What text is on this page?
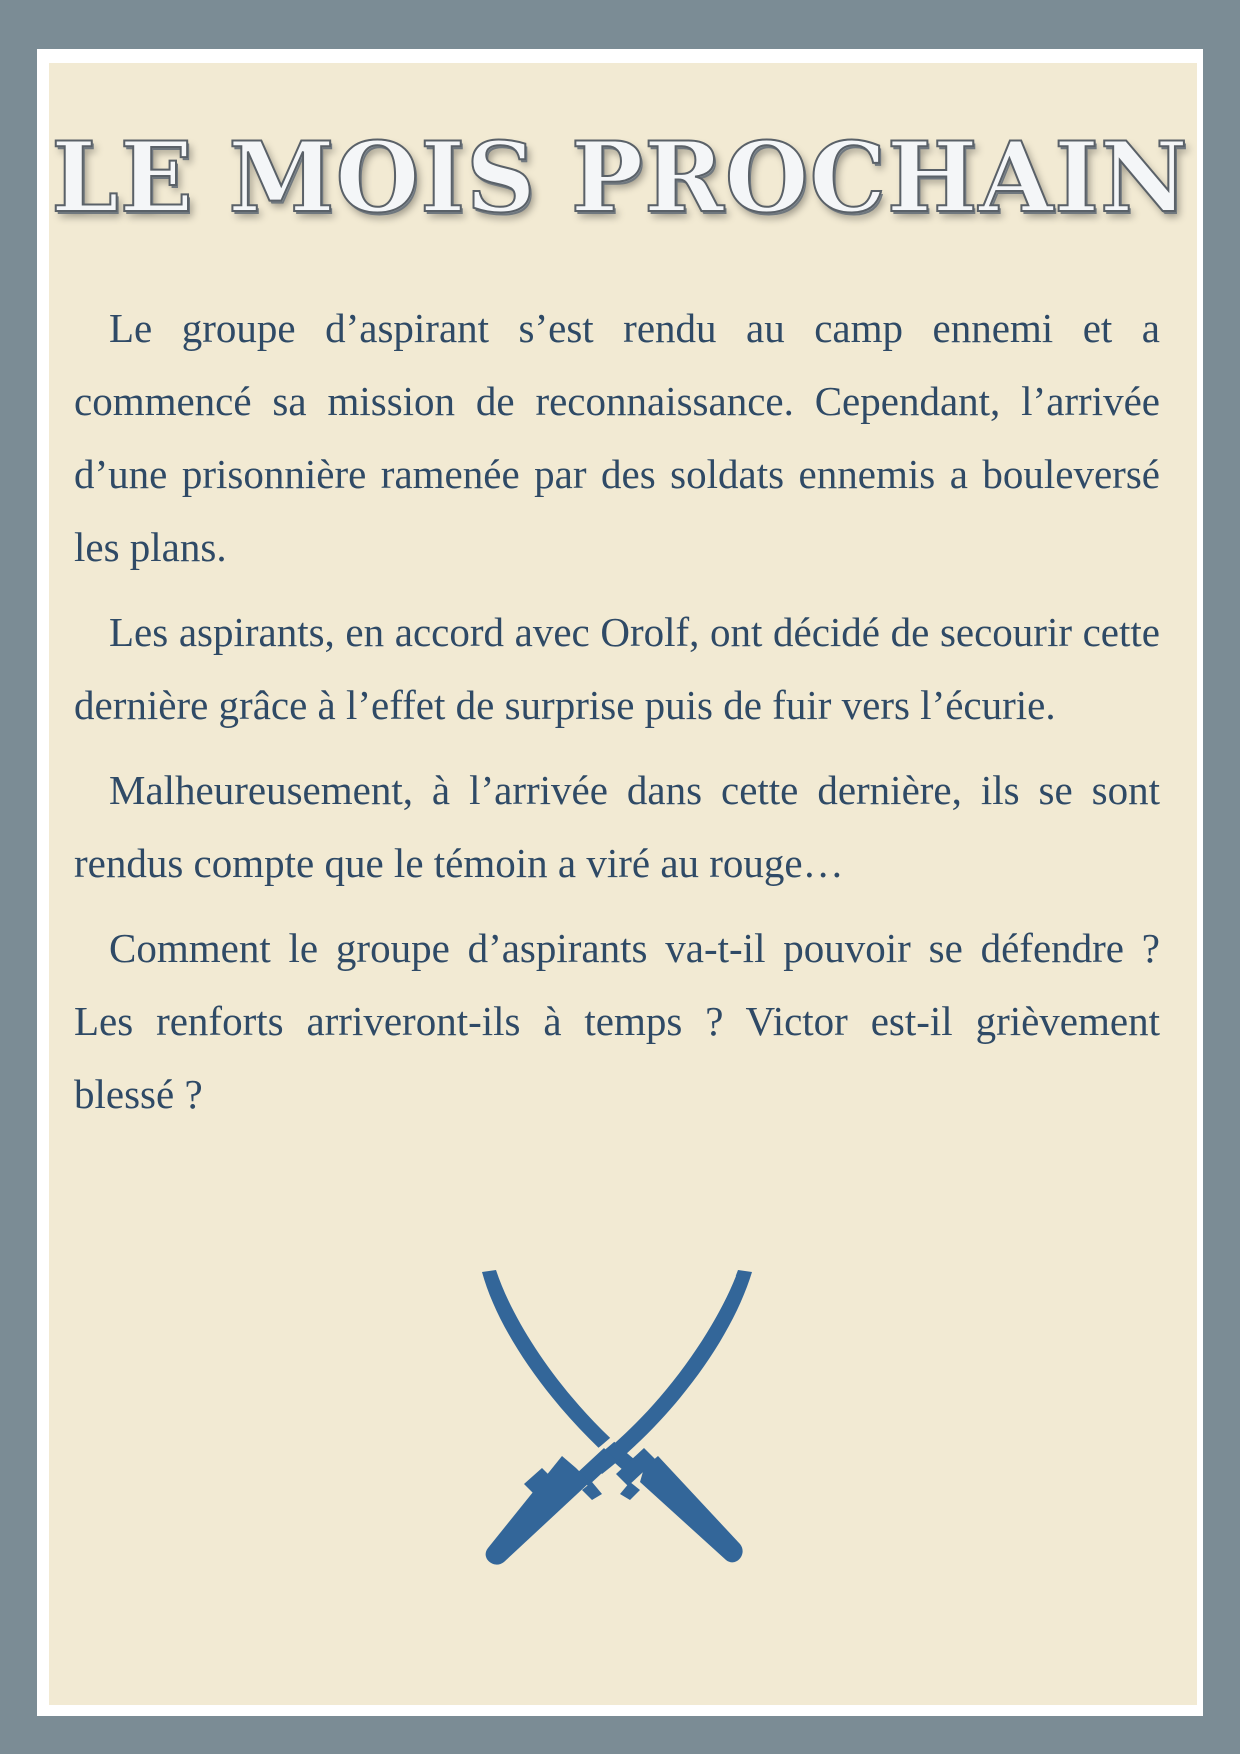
LE MOIS PROCHAIN

Le groupe d’aspirant s’est rendu au camp ennemi et a commencé sa mission de reconnaissance. Cependant, l’arrivée d’une prisonnière ramenée par des soldats ennemis a bouleversé les plans.

Les aspirants, en accord avec Orolf, ont décidé de secourir cette dernière grâce à l’effet de surprise puis de fuir vers l’écurie.

Malheureusement, à l’arrivée dans cette dernière, ils se sont rendus compte que le témoin a viré au rouge…

Comment le groupe d’aspirants va-t-il pouvoir se défendre ? Les renforts arriveront-ils à temps ? Victor est-il grièvement blessé ?
